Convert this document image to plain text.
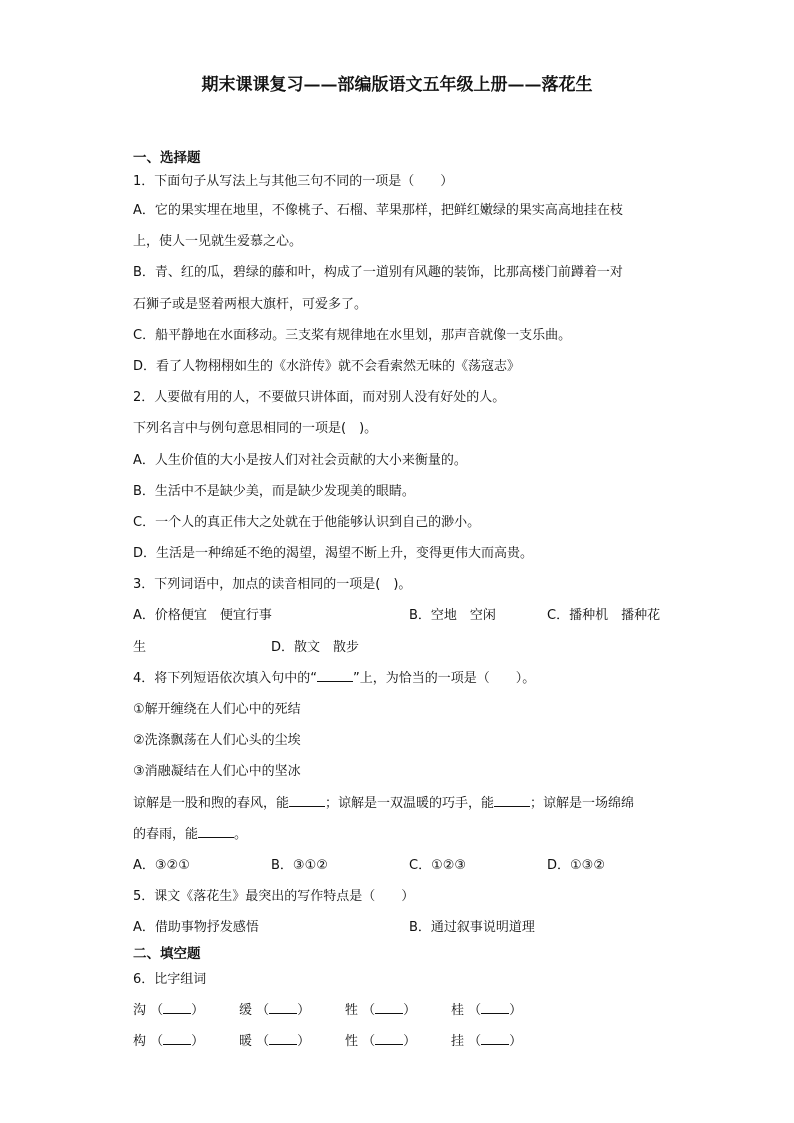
期末课课复习——部编版语文五年级上册——落花生
一、选择题
1．下面句子从写法上与其他三句不同的一项是（　　）
A．它的果实埋在地里，不像桃子、石榴、苹果那样，把鲜红嫩绿的果实高高地挂在枝
上，使人一见就生爱慕之心。
B．青、红的瓜，碧绿的藤和叶，构成了一道别有风趣的装饰，比那高楼门前蹲着一对
石狮子或是竖着两根大旗杆，可爱多了。
C．船平静地在水面移动。三支桨有规律地在水里划，那声音就像一支乐曲。
D．看了人物栩栩如生的《水浒传》就不会看索然无味的《荡寇志》
2．人要做有用的人，不要做只讲体面，而对别人没有好处的人。
下列名言中与例句意思相同的一项是(　)。
A．人生价值的大小是按人们对社会贡献的大小来衡量的。
B．生活中不是缺少美，而是缺少发现美的眼睛。
C．一个人的真正伟大之处就在于他能够认识到自己的渺小。
D．生活是一种绵延不绝的渴望，渴望不断上升，变得更伟大而高贵。
3．下列词语中，加点的读音相同的一项是(　)。
A．价格便宜　便宜行事	B．空地　空闲	C．播种机　播种花
生	D．散文　散步
4．将下列短语依次填入句中的“	”上，为恰当的一项是（　　）。
①解开缠绕在人们心中的死结
②洗涤飘荡在人们心头的尘埃
③消融凝结在人们心中的坚冰
谅解是一股和煦的春风，能	；谅解是一双温暖的巧手，能	；谅解是一场绵绵
的春雨，能	。
A．③②①	B．③①②	C．①②③	D．①③②
5．课文《落花生》最突出的写作特点是（　　）
A．借助事物抒发感悟	B．通过叙事说明道理
二、填空题
6．比字组词
沟 （ ）	缓 （ ）	牲 （ ）	桂 （ ）
构 （ ）	暖 （ ）	性 （ ）	挂 （ ）
